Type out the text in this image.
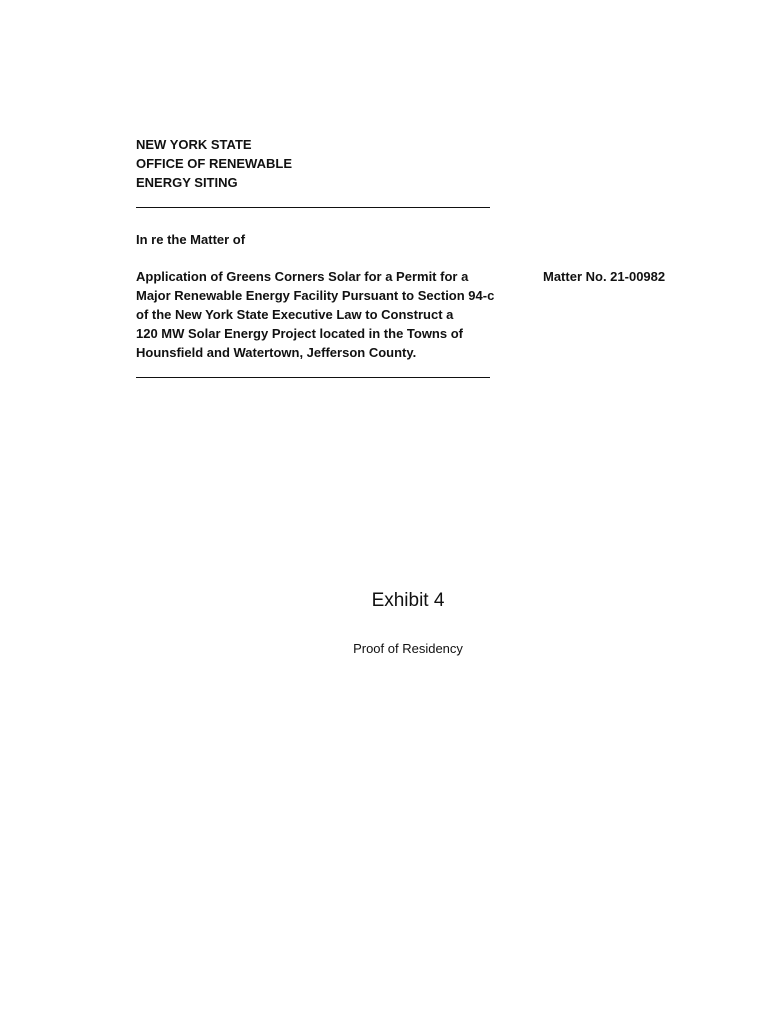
NEW YORK STATE
OFFICE OF RENEWABLE
ENERGY SITING
In re the Matter of
Application of Greens Corners Solar for a Permit for a
Major Renewable Energy Facility Pursuant to Section 94-c
of the New York State Executive Law to Construct a
120 MW Solar Energy Project located in the Towns of
Hounsfield and Watertown, Jefferson County.
Matter No. 21-00982
Exhibit 4
Proof of Residency
